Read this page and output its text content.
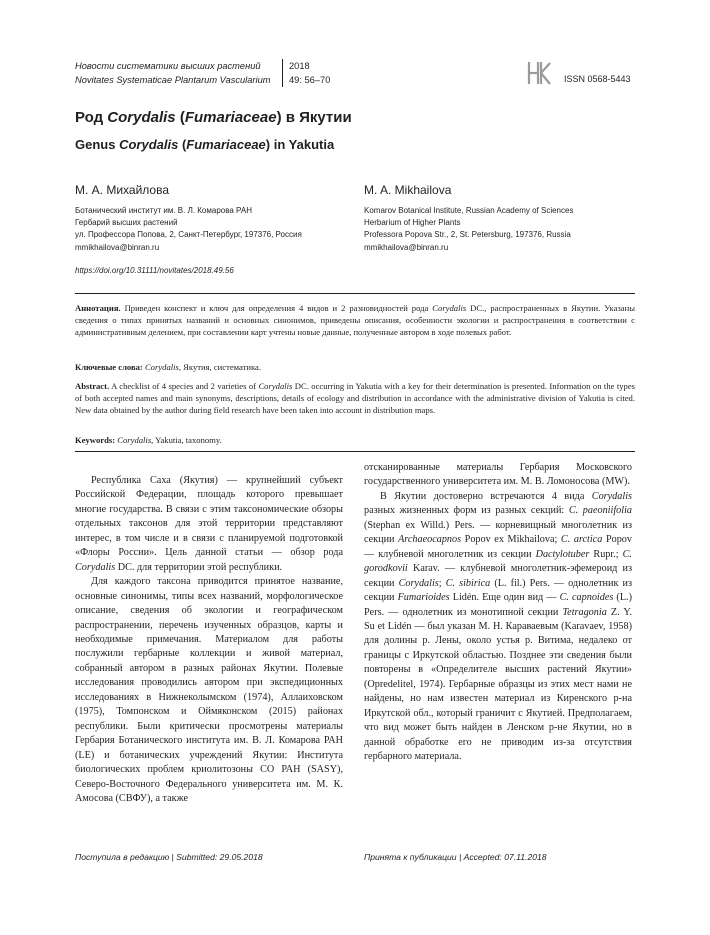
Новости систематики высших растений
Novitates Systematicae Plantarum Vascularium
2018
49: 56–70	ISSN 0568-5443
Род Corydalis (Fumariaceae) в Якутии
Genus Corydalis (Fumariaceae) in Yakutia
М. А. Михайлова
Ботанический институт им. В. Л. Комарова РАН
Гербарий высших растений
ул. Профессора Попова, 2, Санкт-Петербург, 197376, Россия
mmikhailova@binran.ru
M. A. Mikhailova
Komarov Botanical Institute, Russian Academy of Sciences
Herbarium of Higher Plants
Professora Popova Str., 2, St. Petersburg, 197376, Russia
mmikhailova@binran.ru
https://doi.org/10.31111/novitates/2018.49.56
Аннотация. Приведен конспект и ключ для определения 4 видов и 2 разновидностей рода Corydalis DC., распространенных в Якутии. Указаны сведения о типах принятых названий и основных синонимов, приведены описания, особенности экологии и распространения в соответствии с административным делением, при составлении карт учтены новые данные, полученные автором в ходе полевых работ.
Ключевые слова: Corydalis, Якутия, систематика.
Abstract. A checklist of 4 species and 2 varieties of Corydalis DC. occurring in Yakutia with a key for their determination is presented. Information on the types of both accepted names and main synonyms, descriptions, details of ecology and distribution in accordance with the administrative division of Yakutia is cited. New data obtained by the author during field research have been taken into account in distribution maps.
Keywords: Corydalis, Yakutia, taxonomy.

Республика Саха (Якутия) — крупнейший субъект Российской Федерации, площадь которого превышает многие государства. В связи с этим таксономические обзоры отдельных таксонов для этой территории представляют интерес, в том числе и в связи с планируемой подготовкой «Флоры России». Цель данной статьи — обзор рода Corydalis DC. для территории этой республики.

Для каждого таксона приводится принятое название, основные синонимы, типы всех названий, морфологическое описание, сведения об экологии и географическом распространении, перечень изученных образцов, карты и необходимые примечания. Материалом для работы послужили гербарные коллекции и живой материал, собранный автором в разных районах Якутии. Полевые исследования проводились автором при экспедиционных исследованиях в Нижнеколымском (1974), Аллаиховском (1975), Томпонском и Оймяконском (2015) районах республики. Были критически просмотрены материалы Гербария Ботанического института им. В. Л. Комарова РАН (LE) и ботанических учреждений Якутии: Института биологических проблем криолитозоны СО РАН (SASY), Северо-Восточного Федерального университета им. М. К. Амосова (СВФУ), а также

отсканированные материалы Гербария Московского государственного университета им. М. В. Ломоносова (MW).

В Якутии достоверно встречаются 4 вида Corydalis разных жизненных форм из разных секций: C. paeoniifolia (Stephan ex Willd.) Pers. — корневищный многолетник из секции Archaeocapnos Popov ex Mikhailova; C. arctica Popov — клубневой многолетник из секции Dactylotuber Rupr.; C. gorodkovii Karav. — клубневой многолетник-эфемероид из секции Corydalis; C. sibirica (L. fil.) Pers. — однолетник из секции Fumarioides Lidén. Еще один вид — C. capnoides (L.) Pers. — однолетник из монотипной секции Tetragonia Z. Y. Su et Lidén — был указан М. Н. Караваевым (Karavaev, 1958) для долины р. Лены, около устья р. Витима, недалеко от границы с Иркутской областью. Позднее эти сведения были повторены в «Определителе высших растений Якутии» (Opredelitel, 1974). Гербарные образцы из этих мест нами не найдены, но нам известен материал из Киренского р-на Иркутской обл., который граничит с Якутией. Предполагаем, что вид может быть найден в Ленском р-не Якутии, но в данной обработке его не приводим из-за отсутствия гербарного материала.

Поступила в редакцию | Submitted: 29.05.2018	Принята к публикации | Accepted: 07.11.2018
